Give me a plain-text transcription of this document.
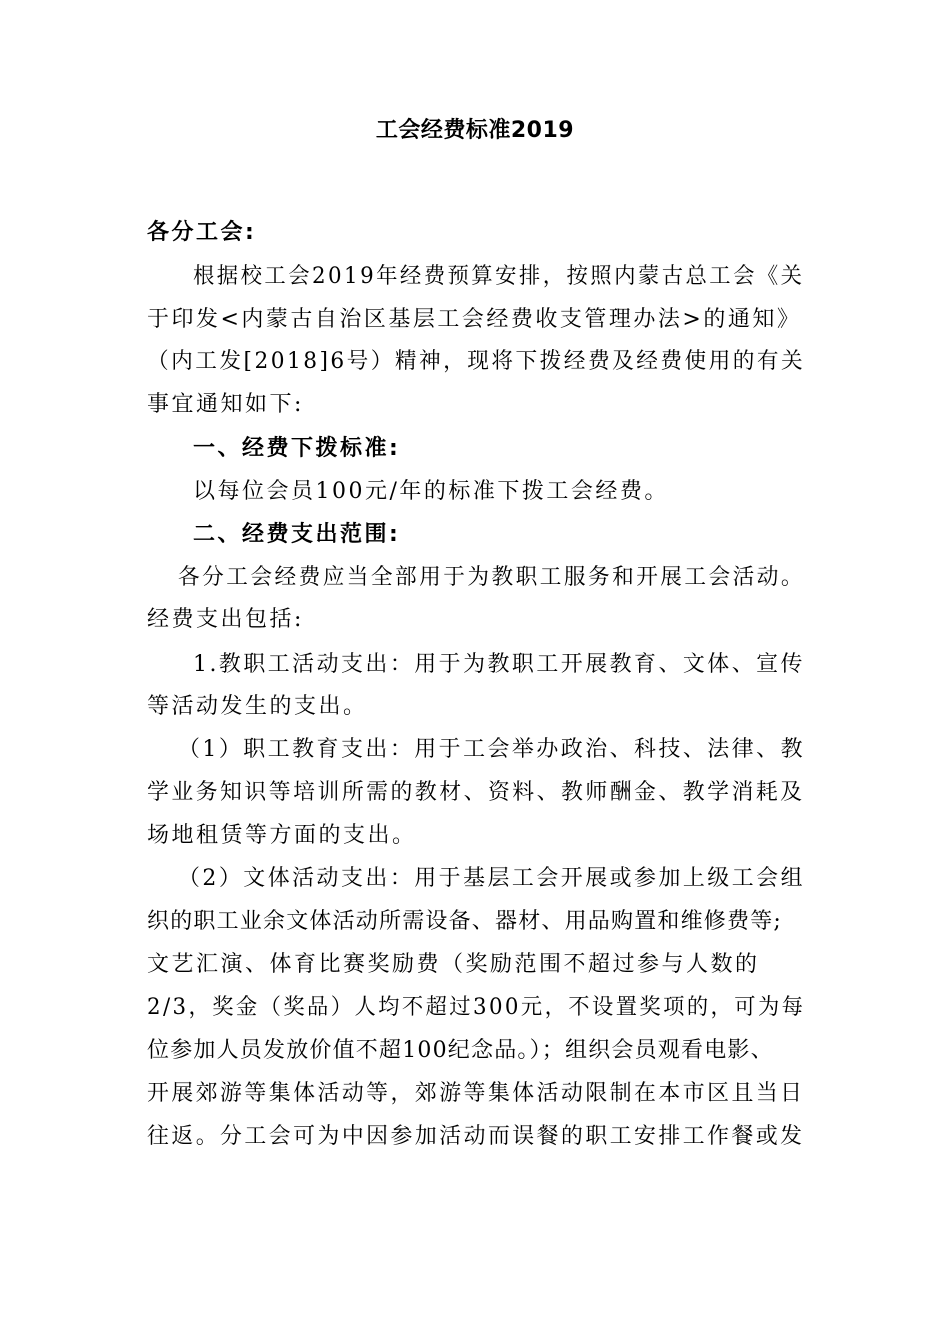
工会经费标准2019
各分工会:
根据校工会2019年经费预算安排，按照内蒙古总工会《关
于印发<内蒙古自治区基层工会经费收支管理办法>的通知》
（内工发[2018]6号）精神，现将下拨经费及经费使用的有关
事宜通知如下:
一、经费下拨标准:
以每位会员100元/年的标准下拨工会经费。
二、经费支出范围:
各分工会经费应当全部用于为教职工服务和开展工会活动。
经费支出包括:
1.教职工活动支出：用于为教职工开展教育、文体、宣传
等活动发生的支出。
（1）职工教育支出：用于工会举办政治、科技、法律、教
学业务知识等培训所需的教材、资料、教师酬金、教学消耗及
场地租赁等方面的支出。
（2）文体活动支出：用于基层工会开展或参加上级工会组
织的职工业余文体活动所需设备、器材、用品购置和维修费等;
文艺汇演、体育比赛奖励费（奖励范围不超过参与人数的
2/3，奖金（奖品）人均不超过300元，不设置奖项的，可为每
位参加人员发放价值不超100纪念品。）；组织会员观看电影、
开展郊游等集体活动等，郊游等集体活动限制在本市区且当日
往返。分工会可为中因参加活动而误餐的职工安排工作餐或发
